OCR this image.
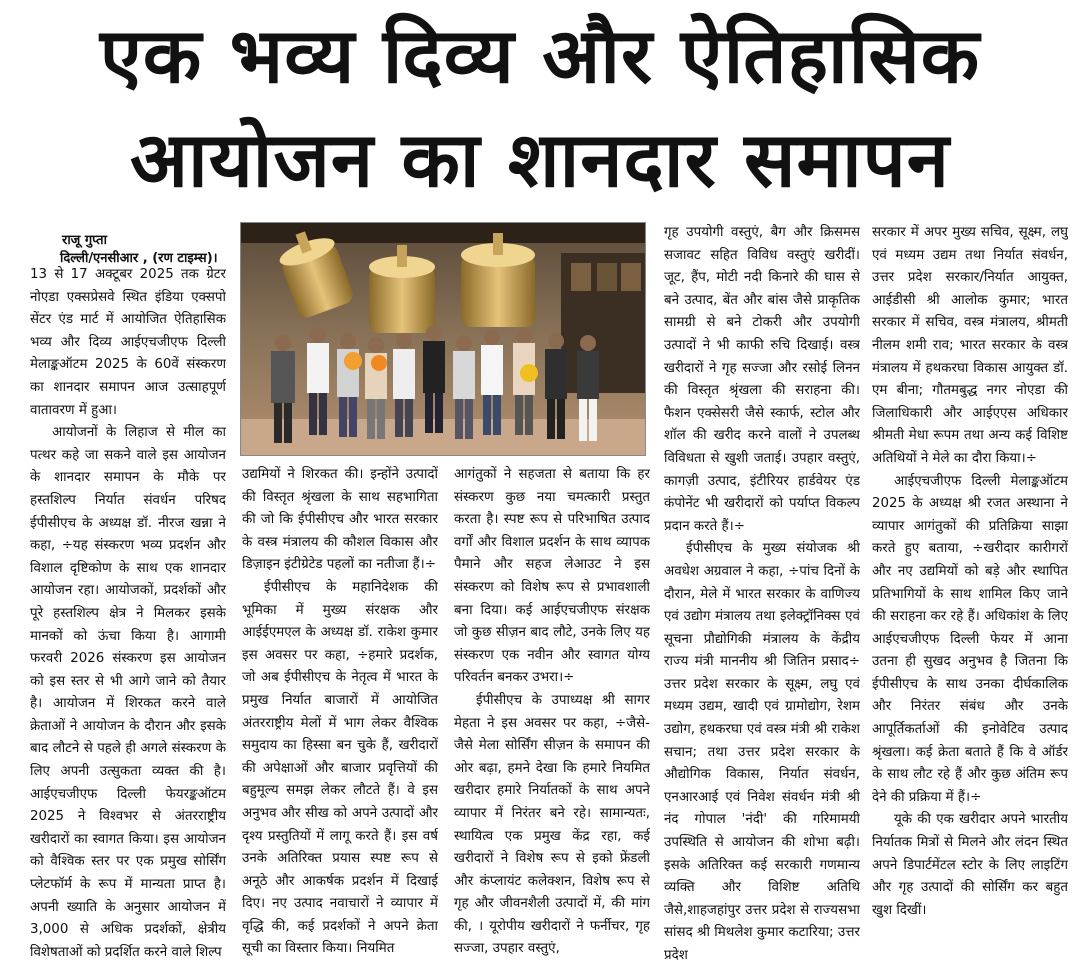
एक भव्य दिव्य और ऐतिहासिक
आयोजन का शानदार समापन
राजू गुप्ता
दिल्ली/एनसीआर , (रण टाइम्स)।

13 से 17 अक्टूबर 2025 तक ग्रेटर नोएडा एक्सप्रेसवे स्थित इंडिया एक्सपो सेंटर एंड मार्ट में आयोजित ऐतिहासिक भव्य और दिव्य आईएचजीएफ दिल्ली मेलाङ्कऑटम 2025 के 60वें संस्करण का शानदार समापन आज उत्साहपूर्ण वातावरण में हुआ।

आयोजनों के लिहाज से मील का पत्थर कहे जा सकने वाले इस आयोजन के शानदार समापन के मौके पर हस्तशिल्प निर्यात संवर्धन परिषद ईपीसीएच के अध्यक्ष डॉ. नीरज खन्ना ने कहा, ÷यह संस्करण भव्य प्रदर्शन और विशाल दृष्टिकोण के साथ एक शानदार आयोजन रहा। आयोजकों, प्रदर्शकों और पूरे हस्तशिल्प क्षेत्र ने मिलकर इसके मानकों को ऊंचा किया है। आगामी फरवरी 2026 संस्करण इस आयोजन को इस स्तर से भी आगे जाने को तैयार है। आयोजन में शिरकत करने वाले क्रेताओं ने आयोजन के दौरान और इसके बाद लौटने से पहले ही अगले संस्करण के लिए अपनी उत्सुकता व्यक्त की है। आईएचजीएफ दिल्ली फेयरङ्कऑटम 2025 ने विश्वभर से अंतरराष्ट्रीय खरीदारों का स्वागत किया। इस आयोजन को वैश्विक स्तर पर एक प्रमुख सोर्सिंग प्लेटफॉर्म के रूप में मान्यता प्राप्त है। अपनी ख्याति के अनुसार आयोजन में 3,000 से अधिक प्रदर्शकों, क्षेत्रीय विशेषताओं को प्रदर्शित करने वाले शिल्प

उद्यमियों ने शिरकत की। इन्होंने उत्पादों की विस्तृत श्रृंखला के साथ सहभागिता की जो कि ईपीसीएच और भारत सरकार के वस्त्र मंत्रालय की कौशल विकास और डिज़ाइन इंटीग्रेटेड पहलों का नतीजा हैं।÷

ईपीसीएच के महानिदेशक की भूमिका में मुख्य संरक्षक और आईईएमएल के अध्यक्ष डॉ. राकेश कुमार इस अवसर पर कहा, ÷हमारे प्रदर्शक, जो अब ईपीसीएच के नेतृत्व में भारत के प्रमुख निर्यात बाजारों में आयोजित अंतरराष्ट्रीय मेलों में भाग लेकर वैश्विक समुदाय का हिस्सा बन चुके हैं, खरीदारों की अपेक्षाओं और बाजार प्रवृत्तियों की बहुमूल्य समझ लेकर लौटते हैं। वे इस अनुभव और सीख को अपने उत्पादों और दृश्य प्रस्तुतियों में लागू करते हैं। इस वर्ष उनके अतिरिक्त प्रयास स्पष्ट रूप से अनूठे और आकर्षक प्रदर्शन में दिखाई दिए। नए उत्पाद नवाचारों ने व्यापार में वृद्धि की, कई प्रदर्शकों ने अपने क्रेता सूची का विस्तार किया। नियमित

आगंतुकों ने सहजता से बताया कि हर संस्करण कुछ नया चमत्कारी प्रस्तुत करता है। स्पष्ट रूप से परिभाषित उत्पाद वर्गों और विशाल प्रदर्शन के साथ व्यापक पैमाने और सहज लेआउट ने इस संस्करण को विशेष रूप से प्रभावशाली बना दिया। कई आईएचजीएफ संरक्षक जो कुछ सीज़न बाद लौटे, उनके लिए यह संस्करण एक नवीन और स्वागत योग्य परिवर्तन बनकर उभरा।÷

ईपीसीएच के उपाध्यक्ष श्री सागर मेहता ने इस अवसर पर कहा, ÷जैसे-जैसे मेला सोर्सिंग सीज़न के समापन की ओर बढ़ा, हमने देखा कि हमारे नियमित खरीदार हमारे निर्यातकों के साथ अपने व्यापार में निरंतर बने रहे। सामान्यतः, स्थायित्व एक प्रमुख केंद्र रहा, कई खरीदारों ने विशेष रूप से इको फ्रेंडली और कंप्लायंट कलेक्शन, विशेष रूप से गृह और जीवनशैली उत्पादों में, की मांग की, । यूरोपीय खरीदारों ने फर्नीचर, गृह सज्जा, उपहार वस्तुएं,

गृह उपयोगी वस्तुएं, बैग और क्रिसमस सजावट सहित विविध वस्तुएं खरीदीं। जूट, हैंप, मोटी नदी किनारे की घास से बने उत्पाद, बेंत और बांस जैसे प्राकृतिक सामग्री से बने टोकरी और उपयोगी उत्पादों ने भी काफी रुचि दिखाई। वस्त्र खरीदारों ने गृह सज्जा और रसोई लिनन की विस्तृत श्रृंखला की सराहना की। फैशन एक्सेसरी जैसे स्कार्फ, स्टोल और शॉल की खरीद करने वालों ने उपलब्ध विविधता से खुशी जताई। उपहार वस्तुएं, कागज़ी उत्पाद, इंटीरियर हार्डवेयर एंड कंपोनेंट भी खरीदारों को पर्याप्त विकल्प प्रदान करते हैं।÷

ईपीसीएच के मुख्य संयोजक श्री अवधेश अग्रवाल ने कहा, ÷पांच दिनों के दौरान, मेले में भारत सरकार के वाणिज्य एवं उद्योग मंत्रालय तथा इलेक्ट्रॉनिक्स एवं सूचना प्रौद्योगिकी मंत्रालय के केंद्रीय राज्य मंत्री माननीय श्री जितिन प्रसाद÷ उत्तर प्रदेश सरकार के सूक्ष्म, लघु एवं मध्यम उद्यम, खादी एवं ग्रामोद्योग, रेशम उद्योग, हथकरघा एवं वस्त्र मंत्री श्री राकेश सचान; तथा उत्तर प्रदेश सरकार के औद्योगिक विकास, निर्यात संवर्धन, एनआरआई एवं निवेश संवर्धन मंत्री श्री नंद गोपाल 'नंदी' की गरिमामयी उपस्थिति से आयोजन की शोभा बढ़ी। इसके अतिरिक्त कई सरकारी गणमान्य व्यक्ति और विशिष्ट अतिथि जैसे,शाहजहांपुर उत्तर प्रदेश से राज्यसभा सांसद श्री मिथलेश कुमार कटारिया; उत्तर प्रदेश

सरकार में अपर मुख्य सचिव, सूक्ष्म, लघु एवं मध्यम उद्यम तथा निर्यात संवर्धन, उत्तर प्रदेश सरकार/निर्यात आयुक्त, आईडीसी श्री आलोक कुमार; भारत सरकार में सचिव, वस्त्र मंत्रालय, श्रीमती नीलम शमी राव; भारत सरकार के वस्त्र मंत्रालय में हथकरघा विकास आयुक्त डॉ. एम बीना; गौतमबुद्ध नगर नोएडा की जिलाधिकारी और आईएएस अधिकार श्रीमती मेधा रूपम तथा अन्य कई विशिष्ट अतिथियों ने मेले का दौरा किया।÷

आईएचजीएफ दिल्ली मेलाङ्कऑटम 2025 के अध्यक्ष श्री रजत अस्थाना ने व्यापार आगंतुकों की प्रतिक्रिया साझा करते हुए बताया, ÷खरीदार कारीगरों और नए उद्यमियों को बड़े और स्थापित प्रतिभागियों के साथ शामिल किए जाने की सराहना कर रहे हैं। अधिकांश के लिए आईएचजीएफ दिल्ली फेयर में आना उतना ही सुखद अनुभव है जितना कि ईपीसीएच के साथ उनका दीर्घकालिक और निरंतर संबंध और उनके आपूर्तिकर्ताओं की इनोवेटिव उत्पाद श्रृंखला। कई क्रेता बताते हैं कि वे ऑर्डर के साथ लौट रहे हैं और कुछ अंतिम रूप देने की प्रक्रिया में हैं।÷

यूके की एक खरीदार अपने भारतीय निर्यातक मित्रों से मिलने और लंदन स्थित अपने डिपार्टमेंटल स्टोर के लिए लाइटिंग और गृह उत्पादों की सोर्सिंग कर बहुत खुश दिखीं।
